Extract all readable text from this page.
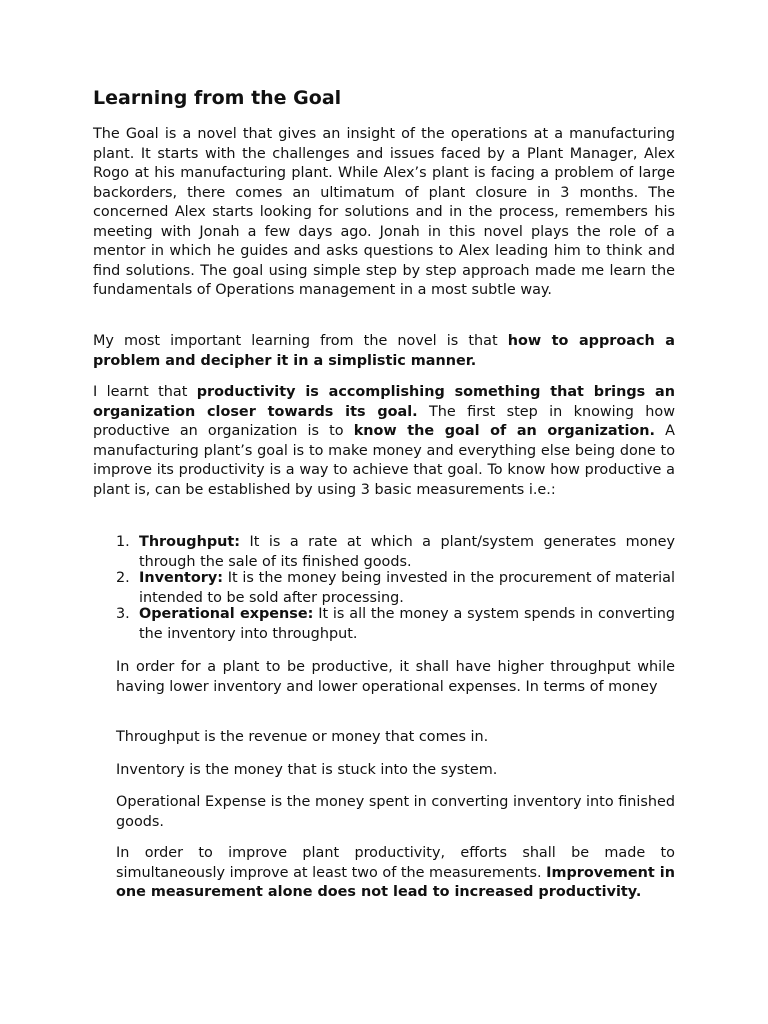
Learning from the Goal

The Goal is a novel that gives an insight of the operations at a manufacturing plant. It starts with the challenges and issues faced by a Plant Manager, Alex Rogo at his manufacturing plant. While Alex’s plant is facing a problem of large backorders, there comes an ultimatum of plant closure in 3 months. The concerned Alex starts looking for solutions and in the process, remembers his meeting with Jonah a few days ago. Jonah in this novel plays the role of a mentor in which he guides and asks questions to Alex leading him to think and find solutions. The goal using simple step by step approach made me learn the fundamentals of Operations management in a most subtle way.

My most important learning from the novel is that how to approach a problem and decipher it in a simplistic manner.

I learnt that productivity is accomplishing something that brings an organization closer towards its goal. The first step in knowing how productive an organization is to know the goal of an organization. A manufacturing plant’s goal is to make money and everything else being done to improve its productivity is a way to achieve that goal. To know how productive a plant is, can be established by using 3 basic measurements i.e.:

1. Throughput: It is a rate at which a plant/system generates money through the sale of its finished goods.
2. Inventory: It is the money being invested in the procurement of material intended to be sold after processing.
3. Operational expense: It is all the money a system spends in converting the inventory into throughput.

In order for a plant to be productive, it shall have higher throughput while having lower inventory and lower operational expenses. In terms of money

Throughput is the revenue or money that comes in.

Inventory is the money that is stuck into the system.

Operational Expense is the money spent in converting inventory into finished goods.

In order to improve plant productivity, efforts shall be made to simultaneously improve at least two of the measurements. Improvement in one measurement alone does not lead to increased productivity.
